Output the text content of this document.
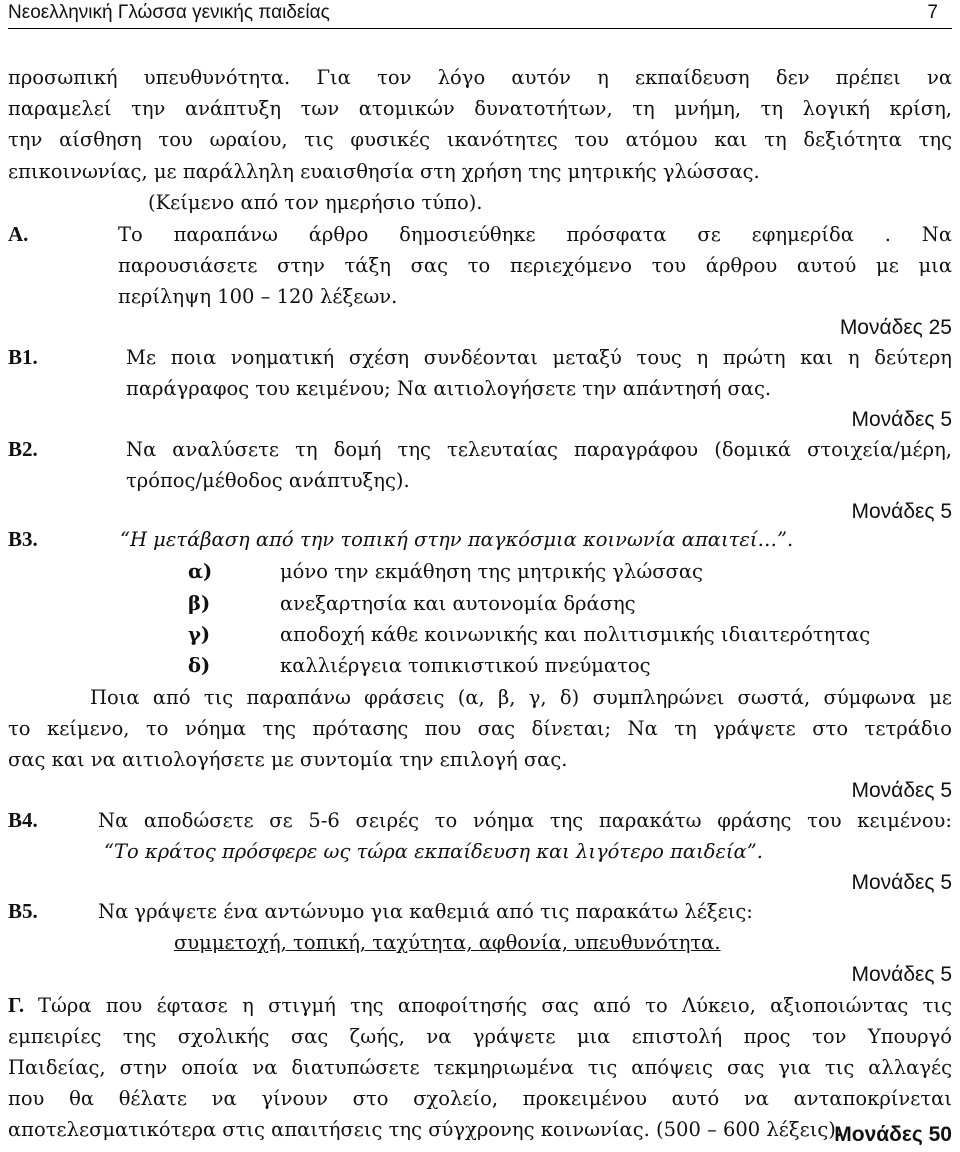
Νεοελληνική Γλώσσα γενικής παιδείας	7
προσωπική υπευθυνότητα. Για τον λόγο αυτόν η εκπαίδευση δεν πρέπει να
παραμελεί την ανάπτυξη των ατομικών δυνατοτήτων, τη μνήμη, τη λογική κρίση,
την αίσθηση του ωραίου, τις φυσικές ικανότητες του ατόμου και τη δεξιότητα της
επικοινωνίας, με παράλληλη ευαισθησία στη χρήση της μητρικής γλώσσας.
(Κείμενο από τον ημερήσιο τύπο).
Α.	Το παραπάνω άρθρο δημοσιεύθηκε πρόσφατα σε εφημερίδα . Να
παρουσιάσετε στην τάξη σας το περιεχόμενο του άρθρου αυτού με μια
περίληψη 100 – 120 λέξεων.
Μονάδες 25
Β1.	Με ποια νοηματική σχέση συνδέονται μεταξύ τους η πρώτη και η δεύτερη
παράγραφος του κειμένου; Να αιτιολογήσετε την απάντησή σας.
Μονάδες 5
Β2.	Να αναλύσετε τη δομή της τελευταίας παραγράφου (δομικά στοιχεία/μέρη,
τρόπος/μέθοδος ανάπτυξης).
Μονάδες 5
Β3.	“Η μετάβαση από την τοπική στην παγκόσμια κοινωνία απαιτεί…”.
α)	μόνο την εκμάθηση της μητρικής γλώσσας
β)	ανεξαρτησία και αυτονομία δράσης
γ)	αποδοχή κάθε κοινωνικής και πολιτισμικής ιδιαιτερότητας
δ)	καλλιέργεια τοπικιστικού πνεύματος
Ποια από τις παραπάνω φράσεις (α, β, γ, δ) συμπληρώνει σωστά, σύμφωνα με
το κείμενο, το νόημα της πρότασης που σας δίνεται; Να τη γράψετε στο τετράδιο
σας και να αιτιολογήσετε με συντομία την επιλογή σας.
Μονάδες 5
Β4.	Να αποδώσετε σε 5-6 σειρές το νόημα της παρακάτω φράσης του κειμένου:
“Το κράτος πρόσφερε ως τώρα εκπαίδευση και λιγότερο παιδεία”.
Μονάδες 5
Β5.	Να γράψετε ένα αντώνυμο για καθεμιά από τις παρακάτω λέξεις:
συμμετοχή, τοπική, ταχύτητα, αφθονία, υπευθυνότητα.
Μονάδες 5
Γ. Τώρα που έφτασε η στιγμή της αποφοίτησής σας από το Λύκειο, αξιοποιώντας τις
εμπειρίες της σχολικής σας ζωής, να γράψετε μια επιστολή προς τον Υπουργό
Παιδείας, στην οποία να διατυπώσετε τεκμηριωμένα τις απόψεις σας για τις αλλαγές
που θα θέλατε να γίνουν στο σχολείο, προκειμένου αυτό να ανταποκρίνεται
αποτελεσματικότερα στις απαιτήσεις της σύγχρονης κοινωνίας. (500 – 600 λέξεις).
Μονάδες 50
